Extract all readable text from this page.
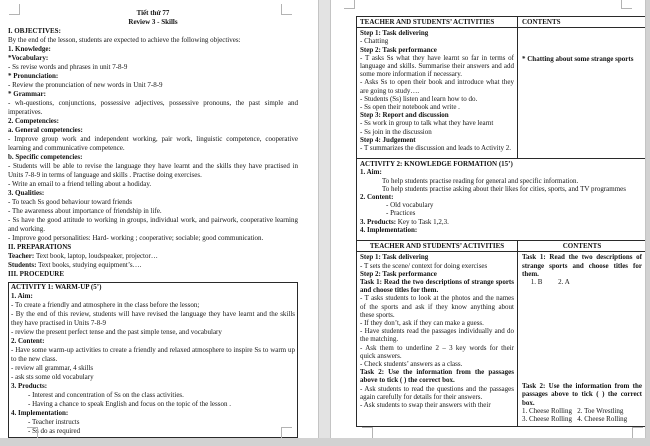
Tiết thứ 77
Review 3 - Skills
I. OBJECTIVES:
By the end of the lesson, students are expected to achieve the following objectives:
1. Knowledge:
*Vocabulary:
- Ss revise words and phrases in unit 7-8-9
* Pronunciation:
- Review the pronunciation of new words in Unit 7-8-9
* Grammar:
- wh-questions, conjunctions, possessive adjectives, possessive pronouns, the past simple and imperatives.
2. Competencies:
a. General competencies:
- Improve group work and independent working, pair work, linguistic competence, cooperative learning and communicative competence.
b. Specific competencies:
- Students will be able to revise the language they have learnt and the skills they have practised in Units 7-8-9 in terms of language and skills . Practise doing exercises.
- Write an email to a friend telling about a hodiday.
3. Qualities:
- To teach Ss good behaviour toward friends
- The awareness about importance of friendship in life.
- Ss have the good attitude to working in groups, individual work, and pairwork, cooperative learning and working.
- Improve good personalities: Hard- working ; cooperative; sociable; good communication.
II. PREPARATIONS
Teacher: Text book, laptop, loudspeaker, projector…
Students: Text books, studying equipment’s….
III. PROCEDURE
ACTIVITY 1: WARM-UP (5’)
1. Aim:
- To create a friendly and atmosphere in the class before the lesson;
- By the end of this review, students will have revised the language they have learnt and the skills they have practised in Units 7-8-9
- review the present perfect tense and the past simple tense, and vocabulary
2. Content:
- Have some warm-up activities to create a friendly and relaxed atmosphere to inspire Ss to warm up to the new class.
- review all grammar, 4 skills
- ask sts some old vocabulary
3. Products:
- Interest and concentration of Ss on the class activities.
- Having a chance to speak English and focus on the topic of the lesson .
4. Implementation:
- Teacher instructs
- Ss do as required
TEACHER AND STUDENTS’ ACTIVITIES	CONTENTS
Step 1: Task delivering
- Chatting
Step 2: Task performance
- T asks Ss what they have learnt so far in terms of language and skills. Summarise their answers and add some more information if necessary.
- Asks Ss to open their book and introduce what they are going to study….
- Students (Ss) listen and learn how to do.
- Ss open their notebook and write .
Step 3: Report and discussion
- Ss work in group to talk what they have learnt
- Ss join in the discussion
Step 4: Judgement
- T summarizes the discussion and leads to Activity 2.
* Chatting about some strange sports
ACTIVITY 2: KNOWLEDGE FORMATION (15’)
1. Aim:
To help students practise reading for general and specific information.
To help students practise asking about their likes for cities, sports, and TV programmes
2. Content:
- Old vocabulary
- Practices
3. Products: Key to Task 1,2,3.
4. Implementation:
TEACHER AND STUDENTS’ ACTIVITIES	CONTENTS
Step 1: Task delivering
- T sets the scene/ context for doing exercises
Step 2: Task performance
Task 1: Read the two descriptions of strange sports and choose titles for them.
- T asks students to look at the photos and the names of the sports and ask if they know anything about these sports.
- If they don’t, ask if they can make a guess.
- Have students read the passages individually and do the matching.
- Ask them to underline 2 – 3 key words for their quick answers.
- Check students’ answers as a class.
Task 2: Use the information from the passages above to tick ( ) the correct box.
- Ask students to read the questions and the passages again carefully for details for their answers.
- Ask students to swap their answers with their
Task 1: Read the two descriptions of strange sports and choose titles for them.
1. B         2. A
Task 2: Use the information from the passages above to tick ( ) the correct box.
1. Cheese Rolling   2. Toe Wrestling
3. Cheese Rolling   4. Cheese Rolling
